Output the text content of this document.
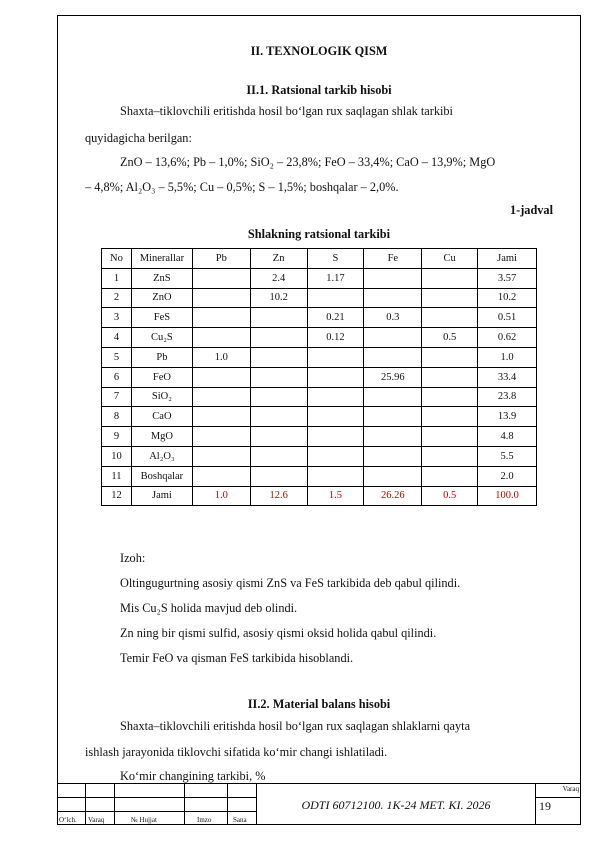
II. TEXNOLOGIK QISM
II.1. Ratsional tarkib hisobi
Shaxta–tiklovchili eritishda hosil bo‘lgan rux saqlagan shlak tarkibi
quyidagicha berilgan:
ZnO – 13,6%; Pb – 1,0%; SiO₂ – 23,8%; FeO – 33,4%; CaO – 13,9%; MgO
– 4,8%; Al₂O₃ – 5,5%; Cu – 0,5%; S – 1,5%; boshqalar – 2,0%.
1-jadval
Shlakning ratsional tarkibi
No	Minerallar	Pb	Zn	S	Fe	Cu	Jami
1	ZnS		2.4	1.17			3.57
2	ZnO		10.2				10.2
3	FeS			0.21	0.3		0.51
4	Cu₂S			0.12		0.5	0.62
5	Pb	1.0					1.0
6	FeO				25.96		33.4
7	SiO₂						23.8
8	CaO						13.9
9	MgO						4.8
10	Al₂O₃						5.5
11	Boshqalar						2.0
12	Jami	1.0	12.6	1.5	26.26	0.5	100.0
Izoh:
Oltingugurtning asosiy qismi ZnS va FeS tarkibida deb qabul qilindi.
Mis Cu₂S holida mavjud deb olindi.
Zn ning bir qismi sulfid, asosiy qismi oksid holida qabul qilindi.
Temir FeO va qisman FeS tarkibida hisoblandi.
II.2. Material balans hisobi
Shaxta–tiklovchili eritishda hosil bo‘lgan rux saqlagan shlaklarni qayta
ishlash jarayonida tiklovchi sifatida ko‘mir changi ishlatiladi.
Ko‘mir changining tarkibi, %
O‘lch. Varaq	№ Hujjat	Imzo	Sana
ODTI 60712100. 1K-24 MET. KI. 2026
Varaq
19
